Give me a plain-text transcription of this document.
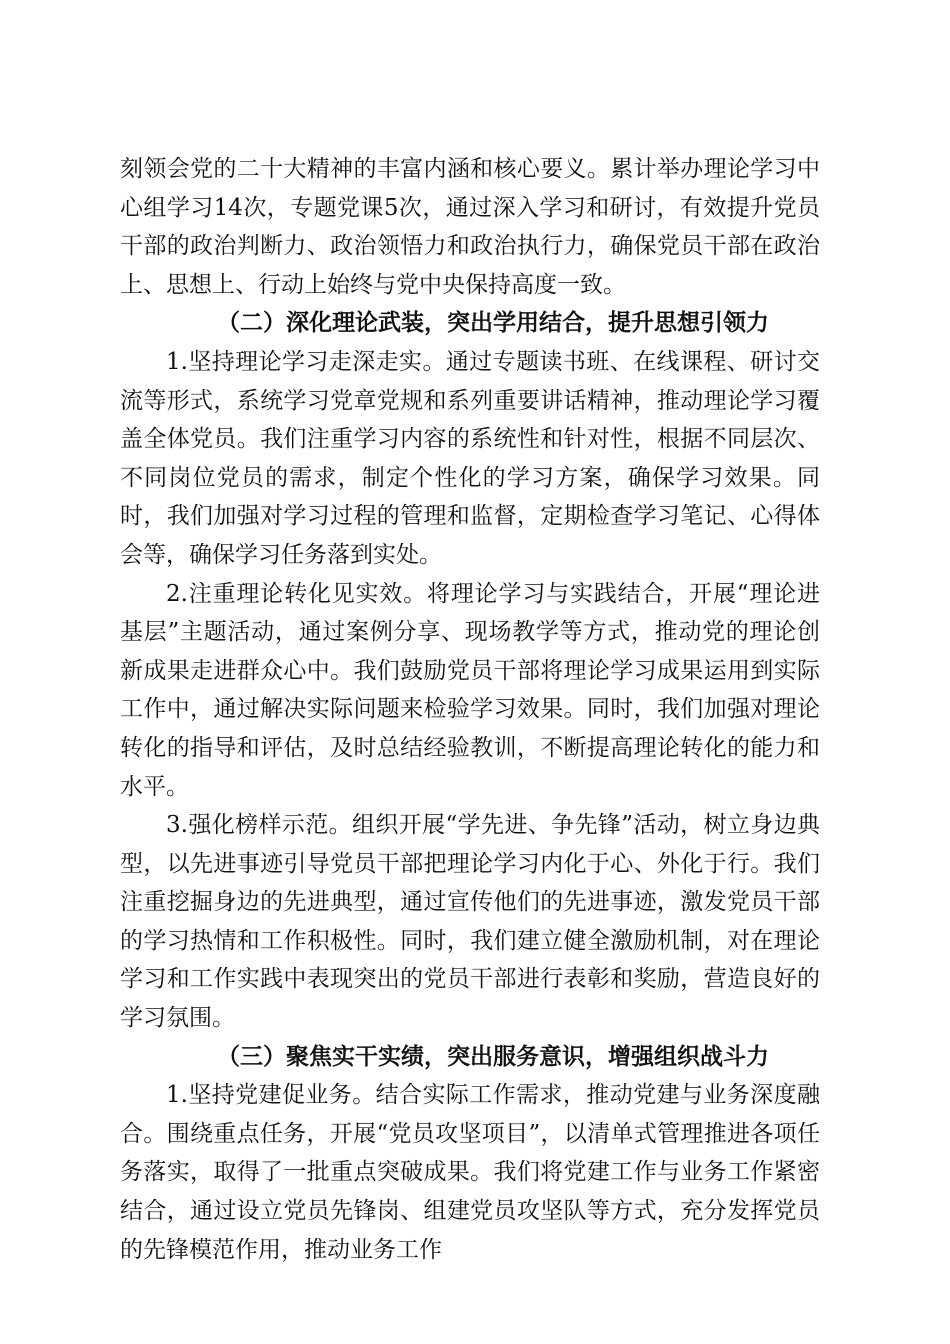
刻领会党的二十大精神的丰富内涵和核心要义。累计举办理论学习中心组学习14次，专题党课5次，通过深入学习和研讨，有效提升党员干部的政治判断力、政治领悟力和政治执行力，确保党员干部在政治上、思想上、行动上始终与党中央保持高度一致。

（二）深化理论武装，突出学用结合，提升思想引领力

1.坚持理论学习走深走实。通过专题读书班、在线课程、研讨交流等形式，系统学习党章党规和系列重要讲话精神，推动理论学习覆盖全体党员。我们注重学习内容的系统性和针对性，根据不同层次、不同岗位党员的需求，制定个性化的学习方案，确保学习效果。同时，我们加强对学习过程的管理和监督，定期检查学习笔记、心得体会等，确保学习任务落到实处。

2.注重理论转化见实效。将理论学习与实践结合，开展“理论进基层”主题活动，通过案例分享、现场教学等方式，推动党的理论创新成果走进群众心中。我们鼓励党员干部将理论学习成果运用到实际工作中，通过解决实际问题来检验学习效果。同时，我们加强对理论转化的指导和评估，及时总结经验教训，不断提高理论转化的能力和水平。

3.强化榜样示范。组织开展“学先进、争先锋”活动，树立身边典型，以先进事迹引导党员干部把理论学习内化于心、外化于行。我们注重挖掘身边的先进典型，通过宣传他们的先进事迹，激发党员干部的学习热情和工作积极性。同时，我们建立健全激励机制，对在理论学习和工作实践中表现突出的党员干部进行表彰和奖励，营造良好的学习氛围。

（三）聚焦实干实绩，突出服务意识，增强组织战斗力

1.坚持党建促业务。结合实际工作需求，推动党建与业务深度融合。围绕重点任务，开展“党员攻坚项目”，以清单式管理推进各项任务落实，取得了一批重点突破成果。我们将党建工作与业务工作紧密结合，通过设立党员先锋岗、组建党员攻坚队等方式，充分发挥党员的先锋模范作用，推动业务工作
